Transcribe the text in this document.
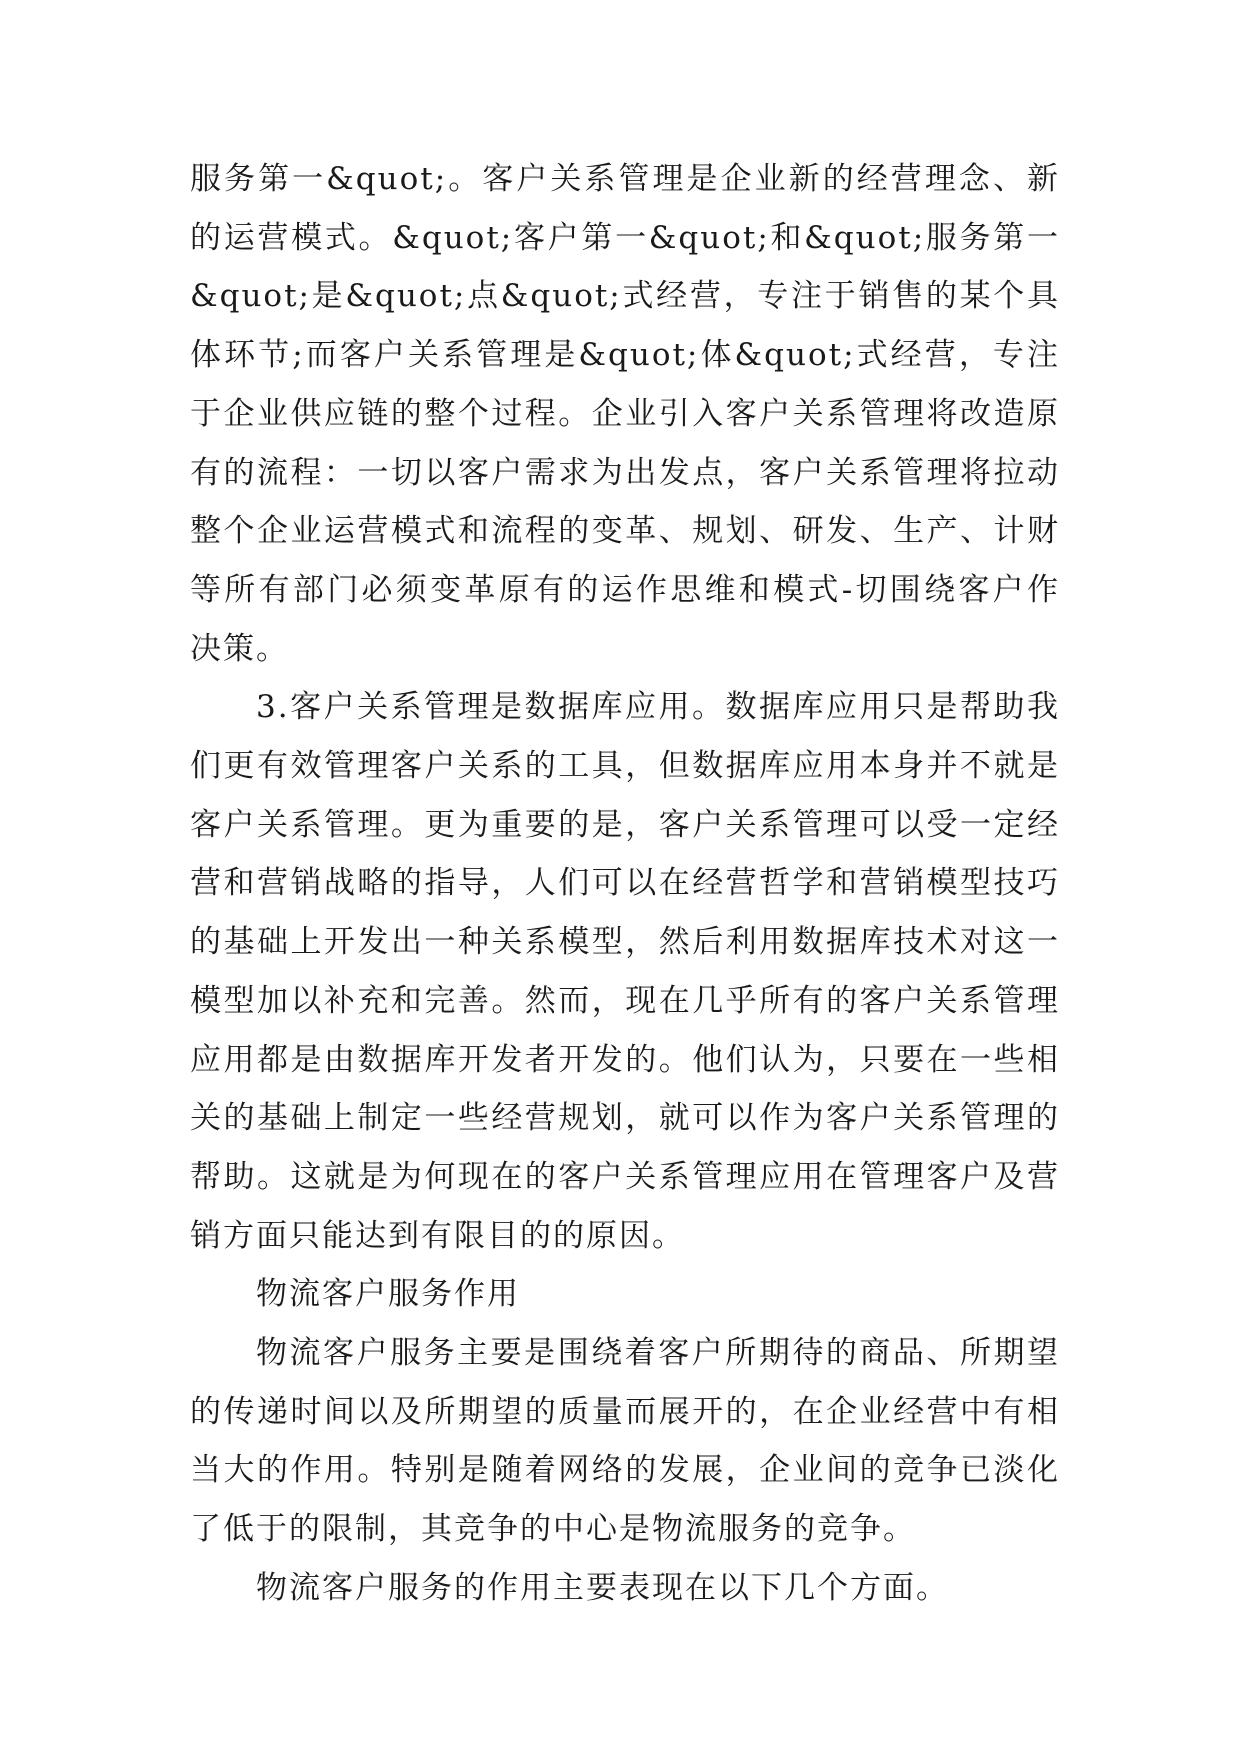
服务第一&quot;。客户关系管理是企业新的经营理念、新的运营模式。&quot;客户第一&quot;和&quot;服务第一&quot;是&quot;点&quot;式经营，专注于销售的某个具体环节;而客户关系管理是&quot;体&quot;式经营，专注于企业供应链的整个过程。企业引入客户关系管理将改造原有的流程：一切以客户需求为出发点，客户关系管理将拉动整个企业运营模式和流程的变革、规划、研发、生产、计财等所有部门必须变革原有的运作思维和模式-切围绕客户作决策。

3.客户关系管理是数据库应用。数据库应用只是帮助我们更有效管理客户关系的工具，但数据库应用本身并不就是客户关系管理。更为重要的是，客户关系管理可以受一定经营和营销战略的指导，人们可以在经营哲学和营销模型技巧的基础上开发出一种关系模型，然后利用数据库技术对这一模型加以补充和完善。然而，现在几乎所有的客户关系管理应用都是由数据库开发者开发的。他们认为，只要在一些相关的基础上制定一些经营规划，就可以作为客户关系管理的帮助。这就是为何现在的客户关系管理应用在管理客户及营销方面只能达到有限目的的原因。

物流客户服务作用

物流客户服务主要是围绕着客户所期待的商品、所期望的传递时间以及所期望的质量而展开的，在企业经营中有相当大的作用。特别是随着网络的发展，企业间的竞争已淡化了低于的限制，其竞争的中心是物流服务的竞争。

物流客户服务的作用主要表现在以下几个方面。
